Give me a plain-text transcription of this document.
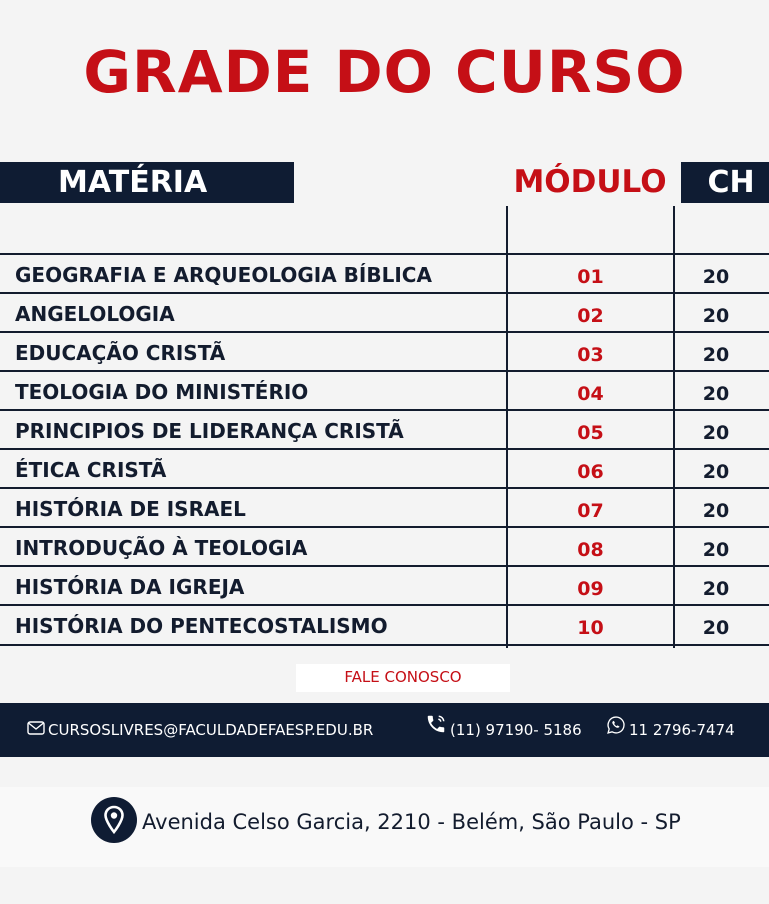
GRADE DO CURSO
MATÉRIA	MÓDULO	CH
GEOGRAFIA E ARQUEOLOGIA BÍBLICA	01	20
ANGELOLOGIA	02	20
EDUCAÇÃO CRISTÃ	03	20
TEOLOGIA DO MINISTÉRIO	04	20
PRINCIPIOS DE LIDERANÇA CRISTÃ	05	20
ÉTICA CRISTÃ	06	20
HISTÓRIA DE ISRAEL	07	20
INTRODUÇÃO À TEOLOGIA	08	20
HISTÓRIA DA IGREJA	09	20
HISTÓRIA DO PENTECOSTALISMO	10	20
FALE CONOSCO
CURSOSLIVRES@FACULDADEFAESP.EDU.BR	(11) 97190- 5186	11 2796-7474
Avenida Celso Garcia, 2210 - Belém, São Paulo - SP
